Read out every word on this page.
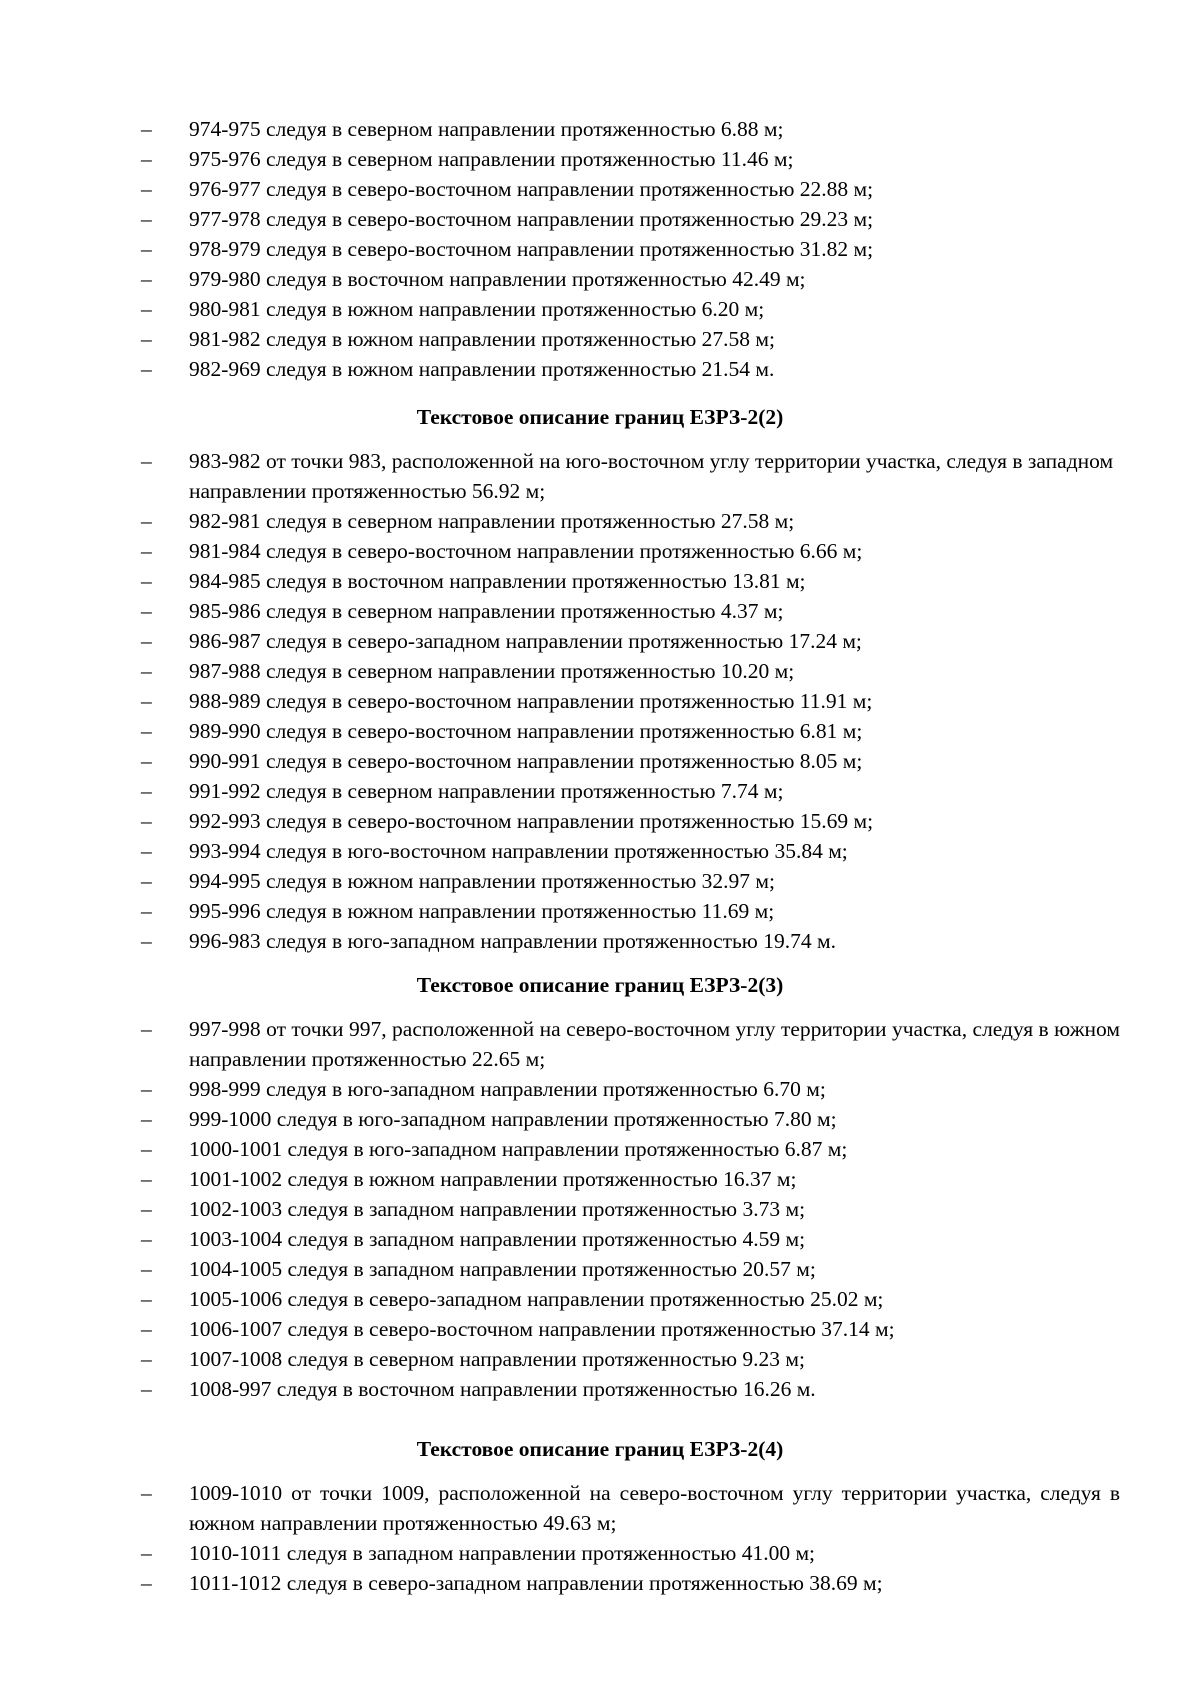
– 974-975 следуя в северном направлении протяженностью 6.88 м;
– 975-976 следуя в северном направлении протяженностью 11.46 м;
– 976-977 следуя в северо-восточном направлении протяженностью 22.88 м;
– 977-978 следуя в северо-восточном направлении протяженностью 29.23 м;
– 978-979 следуя в северо-восточном направлении протяженностью 31.82 м;
– 979-980 следуя в восточном направлении протяженностью 42.49 м;
– 980-981 следуя в южном направлении протяженностью 6.20 м;
– 981-982 следуя в южном направлении протяженностью 27.58 м;
– 982-969 следуя в южном направлении протяженностью 21.54 м.
Текстовое описание границ ЕЗРЗ-2(2)
– 983-982 от точки 983, расположенной на юго-восточном углу территории участка, следуя в западном направлении протяженностью 56.92 м;
– 982-981 следуя в северном направлении протяженностью 27.58 м;
– 981-984 следуя в северо-восточном направлении протяженностью 6.66 м;
– 984-985 следуя в восточном направлении протяженностью 13.81 м;
– 985-986 следуя в северном направлении протяженностью 4.37 м;
– 986-987 следуя в северо-западном направлении протяженностью 17.24 м;
– 987-988 следуя в северном направлении протяженностью 10.20 м;
– 988-989 следуя в северо-восточном направлении протяженностью 11.91 м;
– 989-990 следуя в северо-восточном направлении протяженностью 6.81 м;
– 990-991 следуя в северо-восточном направлении протяженностью 8.05 м;
– 991-992 следуя в северном направлении протяженностью 7.74 м;
– 992-993 следуя в северо-восточном направлении протяженностью 15.69 м;
– 993-994 следуя в юго-восточном направлении протяженностью 35.84 м;
– 994-995 следуя в южном направлении протяженностью 32.97 м;
– 995-996 следуя в южном направлении протяженностью 11.69 м;
– 996-983 следуя в юго-западном направлении протяженностью 19.74 м.
Текстовое описание границ ЕЗРЗ-2(3)
– 997-998 от точки 997, расположенной на северо-восточном углу территории участка, следуя в южном направлении протяженностью 22.65 м;
– 998-999 следуя в юго-западном направлении протяженностью 6.70 м;
– 999-1000 следуя в юго-западном направлении протяженностью 7.80 м;
– 1000-1001 следуя в юго-западном направлении протяженностью 6.87 м;
– 1001-1002 следуя в южном направлении протяженностью 16.37 м;
– 1002-1003 следуя в западном направлении протяженностью 3.73 м;
– 1003-1004 следуя в западном направлении протяженностью 4.59 м;
– 1004-1005 следуя в западном направлении протяженностью 20.57 м;
– 1005-1006 следуя в северо-западном направлении протяженностью 25.02 м;
– 1006-1007 следуя в северо-восточном направлении протяженностью 37.14 м;
– 1007-1008 следуя в северном направлении протяженностью 9.23 м;
– 1008-997 следуя в восточном направлении протяженностью 16.26 м.
Текстовое описание границ ЕЗРЗ-2(4)
– 1009-1010 от точки 1009, расположенной на северо-восточном углу территории участка, следуя в южном направлении протяженностью 49.63 м;
– 1010-1011 следуя в западном направлении протяженностью 41.00 м;
– 1011-1012 следуя в северо-западном направлении протяженностью 38.69 м;
